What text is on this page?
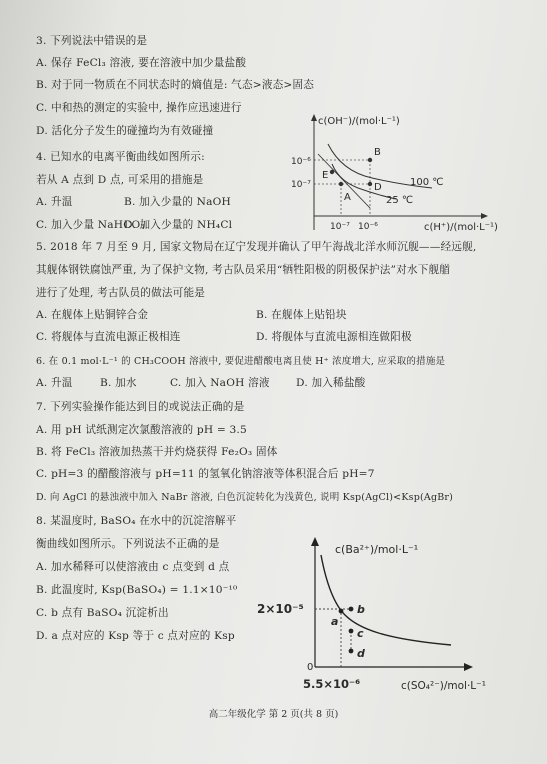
3. 下列说法中错误的是
A. 保存 FeCl₃ 溶液, 要在溶液中加少量盐酸
B. 对于同一物质在不同状态时的熵值是: 气态>液态>固态
C. 中和热的测定的实验中, 操作应迅速进行
D. 活化分子发生的碰撞均为有效碰撞
4. 已知水的电离平衡曲线如图所示:
若从 A 点到 D 点, 可采用的措施是
A. 升温	B. 加入少量的 NaOH
C. 加入少量 NaHCO₃
D. 加入少量的 NH₄Cl
c(OH⁻)/(mol·L⁻¹)
c(H⁺)/(mol·L⁻¹)
10⁻⁶
10⁻⁷
10⁻⁷ 10⁻⁶
B
E
A
D	100 ℃
25 ℃
5. 2018 年 7 月至 9 月, 国家文物局在辽宁发现并确认了甲午海战北洋水师沉舰——经远舰,
其舰体钢铁腐蚀严重, 为了保护文物, 考古队员采用“牺牲阳极的阴极保护法”对水下舰艏
进行了处理, 考古队员的做法可能是
A. 在舰体上贴铜锌合金	B. 在舰体上贴铅块
C. 将舰体与直流电源正极相连	D. 将舰体与直流电源相连做阳极
6. 在 0.1 mol·L⁻¹ 的 CH₃COOH 溶液中, 要促进醋酸电离且使 H⁺ 浓度增大, 应采取的措施是
A. 升温	B. 加水	C. 加入 NaOH 溶液 D. 加入稀盐酸
7. 下列实验操作能达到目的或说法正确的是
A. 用 pH 试纸测定次氯酸溶液的 pH = 3.5
B. 将 FeCl₃ 溶液加热蒸干并灼烧获得 Fe₂O₃ 固体
C. pH=3 的醋酸溶液与 pH=11 的氢氧化钠溶液等体积混合后 pH=7
D. 向 AgCl 的悬浊液中加入 NaBr 溶液, 白色沉淀转化为浅黄色, 说明 Ksp(AgCl)<Ksp(AgBr)
8. 某温度时, BaSO₄ 在水中的沉淀溶解平
衡曲线如图所示。下列说法不正确的是
A. 加水稀释可以使溶液由 c 点变到 d 点
B. 此温度时, Ksp(BaSO₄) = 1.1×10⁻¹⁰
C. b 点有 BaSO₄ 沉淀析出
D. a 点对应的 Ksp 等于 c 点对应的 Ksp
c(Ba²⁺)/mol·L⁻¹
c(SO₄²⁻)/mol·L⁻¹
2×10⁻⁵
5.5×10⁻⁶
0
a
b
c
d
高二年级化学 第 2 页(共 8 页)
